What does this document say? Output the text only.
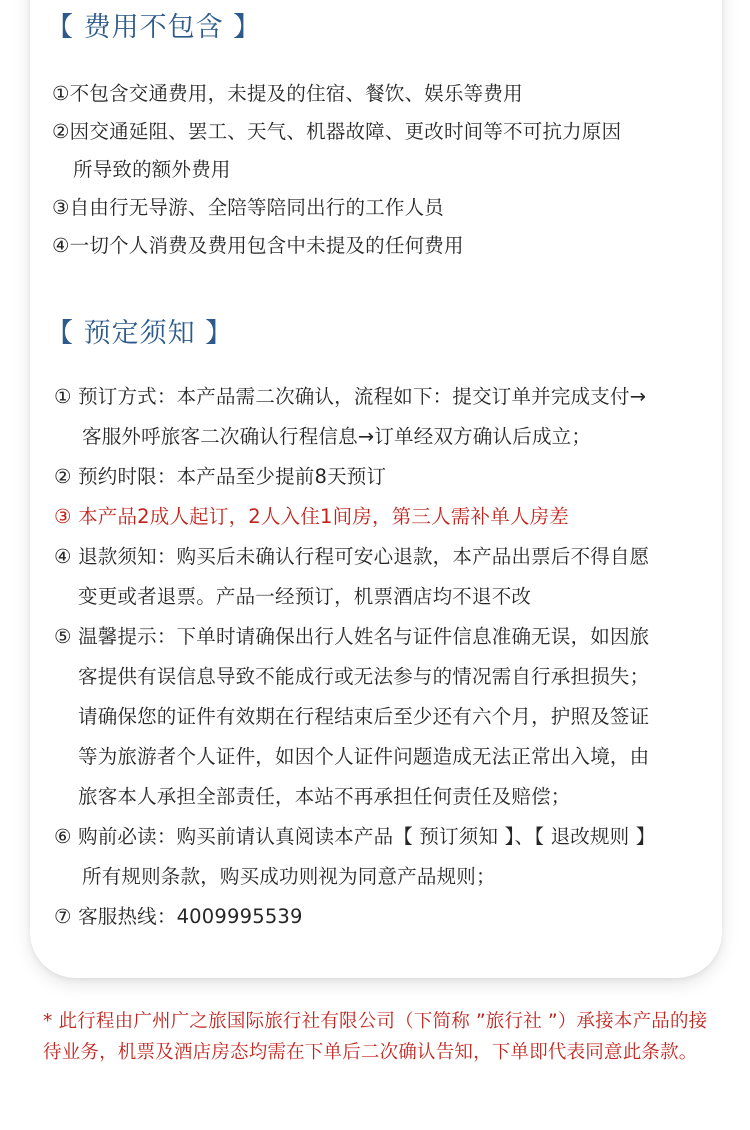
【 费用不包含 】
①不包含交通费用，未提及的住宿、餐饮、娱乐等费用
②因交通延阻、罢工、天气、机器故障、更改时间等不可抗力原因
所导致的额外费用
③自由行无导游、全陪等陪同出行的工作人员
④一切个人消费及费用包含中未提及的任何费用
【 预定须知 】
① 预订方式：本产品需二次确认，流程如下：提交订单并完成支付→
客服外呼旅客二次确认行程信息→订单经双方确认后成立；
② 预约时限：本产品至少提前8天预订
③ 本产品2成人起订，2人入住1间房，第三人需补单人房差
④ 退款须知：购买后未确认行程可安心退款，本产品出票后不得自愿
变更或者退票。产品一经预订，机票酒店均不退不改
⑤ 温馨提示：下单时请确保出行人姓名与证件信息准确无误，如因旅
客提供有误信息导致不能成行或无法参与的情况需自行承担损失；
请确保您的证件有效期在行程结束后至少还有六个月，护照及签证
等为旅游者个人证件，如因个人证件问题造成无法正常出入境，由
旅客本人承担全部责任，本站不再承担任何责任及赔偿；
⑥ 购前必读：购买前请认真阅读本产品【 预订须知 】、【 退改规则 】
所有规则条款，购买成功则视为同意产品规则；
⑦ 客服热线：4009995539
* 此行程由广州广之旅国际旅行社有限公司（下简称 ”旅行社 ”）承接本产品的接待业务，机票及酒店房态均需在下单后二次确认告知，下单即代表同意此条款。
